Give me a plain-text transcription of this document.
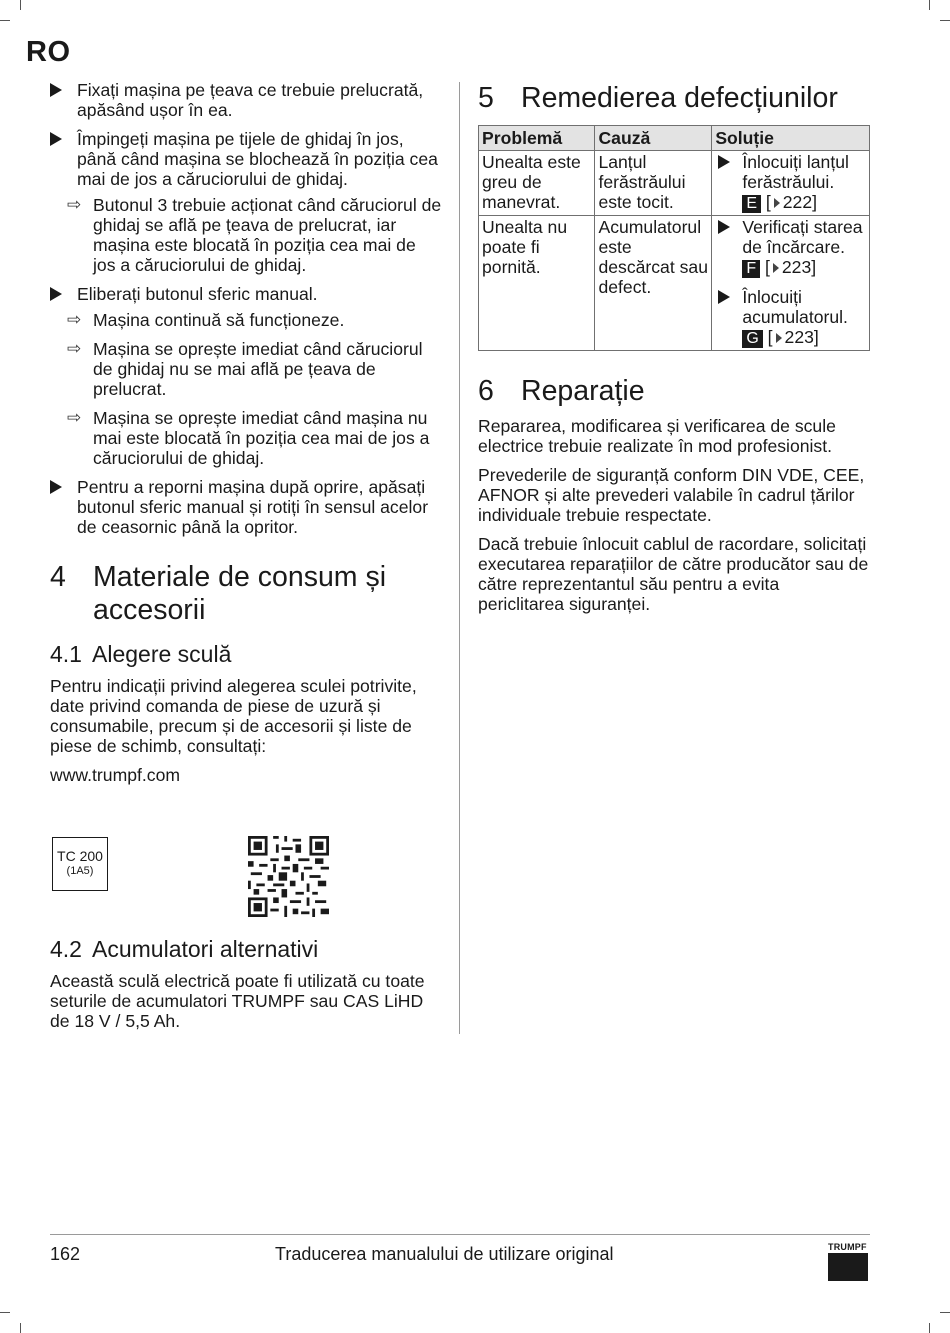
RO
Fixați mașina pe țeava ce trebuie prelucrată, apăsând ușor în ea.
Împingeți mașina pe tijele de ghidaj în jos, până când mașina se blochează în poziția cea mai de jos a căruciorului de ghidaj.
⇨ Butonul 3 trebuie acționat când căruciorul de ghidaj se află pe țeava de prelucrat, iar mașina este blocată în poziția cea mai de jos a căruciorului de ghidaj.
Eliberați butonul sferic manual.
⇨ Mașina continuă să funcționeze.
⇨ Mașina se oprește imediat când căruciorul de ghidaj nu se mai află pe țeava de prelucrat.
⇨ Mașina se oprește imediat când mașina nu mai este blocată în poziția cea mai de jos a căruciorului de ghidaj.
Pentru a reporni mașina după oprire, apăsați butonul sferic manual și rotiți în sensul acelor de ceasornic până la opritor.
4 Materiale de consum și accesorii
4.1 Alegere sculă

Pentru indicații privind alegerea sculei potrivite, date privind comanda de piese de uzură și consumabile, precum și de accesorii și liste de piese de schimb, consultați:

www.trumpf.com

TC 200
(1A5)
4.2 Acumulatori alternativi

Această sculă electrică poate fi utilizată cu toate seturile de acumulatori TRUMPF sau CAS LiHD de 18 V / 5,5 Ah.

5 Remedierea defecțiunilor
Problemă	Cauză	Soluție
Unealta este greu de manevrat.	Lanțul ferăstrăului este tocit.	Înlocuiți lanțul ferăstrăului.
E [ 222]

Unealta nu poate fi pornită.	Acumulatorul este descărcat sau defect.	Verificați starea de încărcare.
F [ 223]
Înlocuiți acumulatorul.
G [ 223]
6 Reparație

Repararea, modificarea și verificarea de scule electrice trebuie realizate în mod profesionist.

Prevederile de siguranță conform DIN VDE, CEE, AFNOR și alte prevederi valabile în cadrul țărilor individuale trebuie respectate.

Dacă trebuie înlocuit cablul de racordare, solicitați executarea reparațiilor de către producător sau de către reprezentantul său pentru a evita periclitarea siguranței.

162	Traducerea manualului de utilizare original	TRUMPF
